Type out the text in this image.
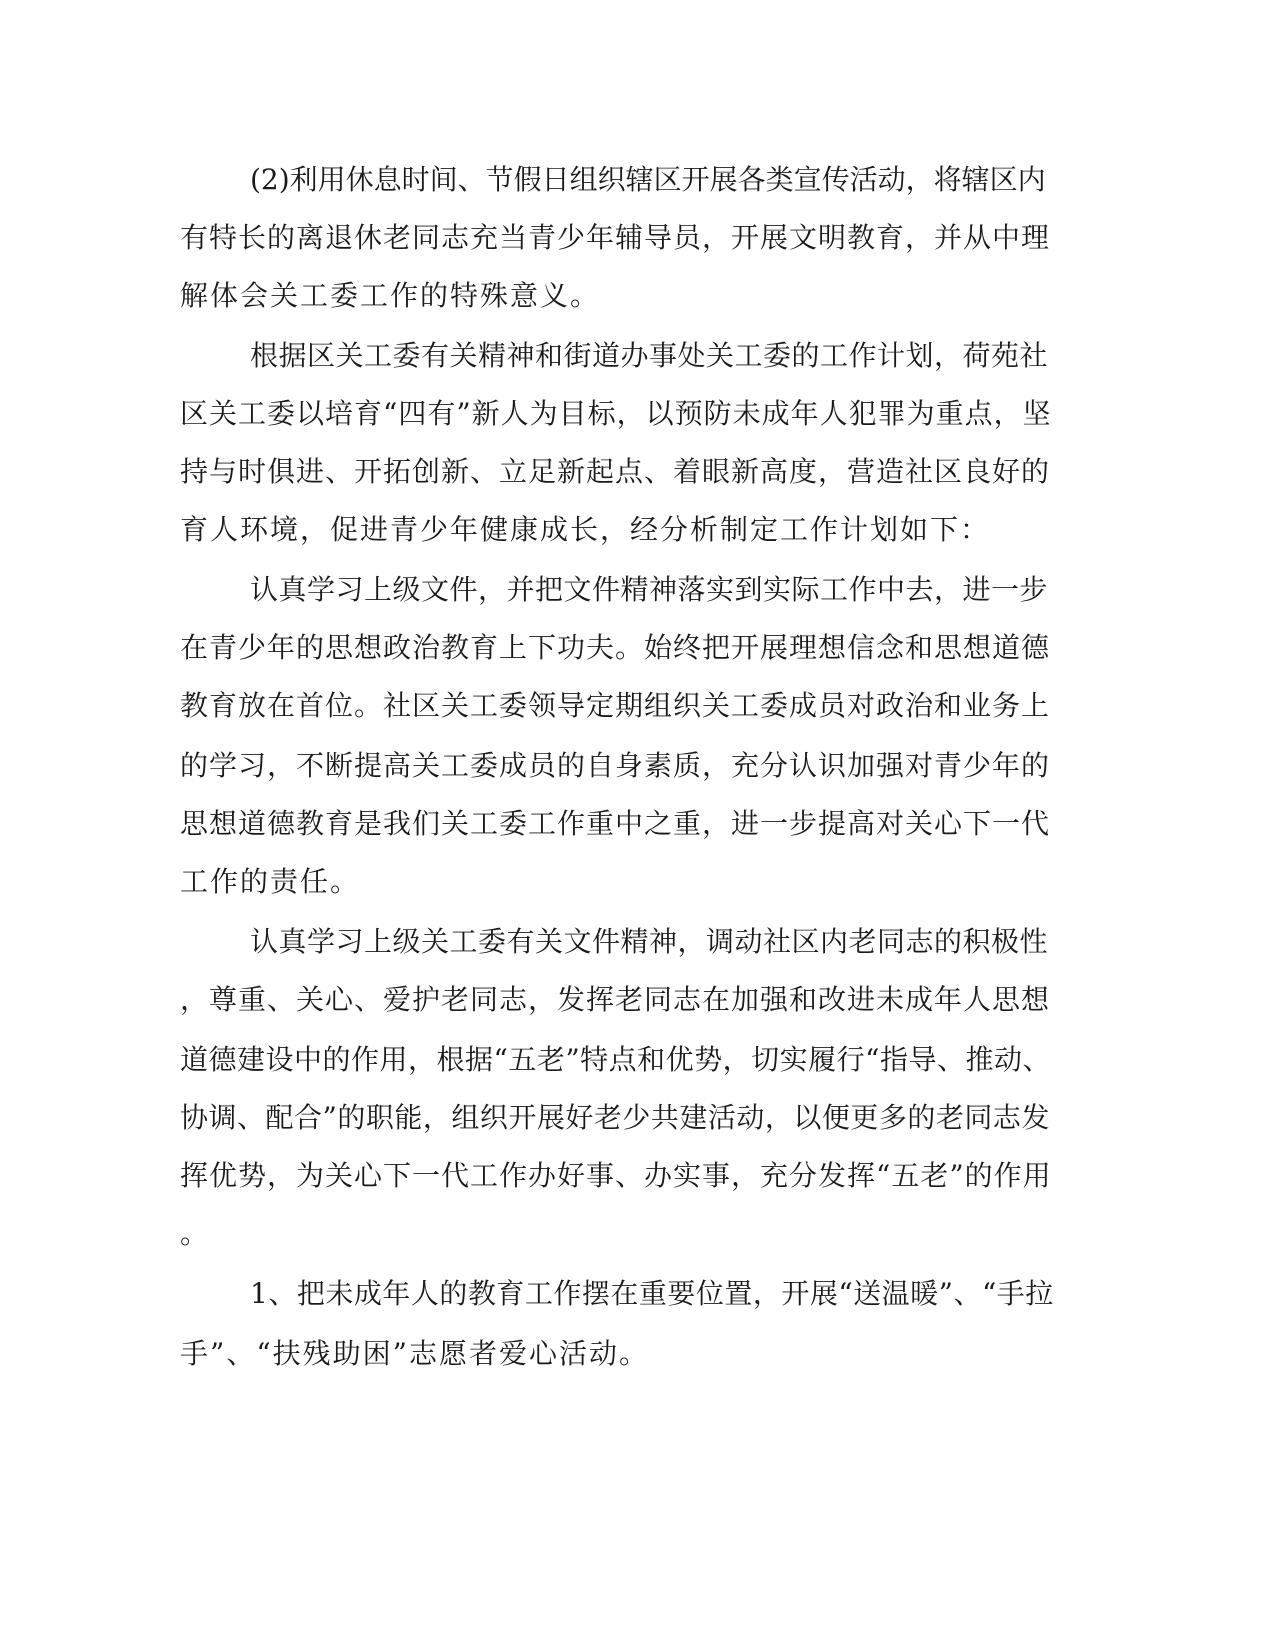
(2)利用休息时间、节假日组织辖区开展各类宣传活动，将辖区内
有特长的离退休老同志充当青少年辅导员，开展文明教育，并从中理
解体会关工委工作的特殊意义。
根据区关工委有关精神和街道办事处关工委的工作计划，荷苑社
区关工委以培育“四有”新人为目标，以预防未成年人犯罪为重点，坚
持与时俱进、开拓创新、立足新起点、着眼新高度，营造社区良好的
育人环境，促进青少年健康成长，经分析制定工作计划如下：
认真学习上级文件，并把文件精神落实到实际工作中去，进一步
在青少年的思想政治教育上下功夫。始终把开展理想信念和思想道德
教育放在首位。社区关工委领导定期组织关工委成员对政治和业务上
的学习，不断提高关工委成员的自身素质，充分认识加强对青少年的
思想道德教育是我们关工委工作重中之重，进一步提高对关心下一代
工作的责任。
认真学习上级关工委有关文件精神，调动社区内老同志的积极性
，尊重、关心、爱护老同志，发挥老同志在加强和改进未成年人思想
道德建设中的作用，根据“五老”特点和优势，切实履行“指导、推动、
协调、配合”的职能，组织开展好老少共建活动，以便更多的老同志发
挥优势，为关心下一代工作办好事、办实事，充分发挥“五老”的作用
。
1、把未成年人的教育工作摆在重要位置，开展“送温暖”、“手拉
手”、“扶残助困”志愿者爱心活动。
